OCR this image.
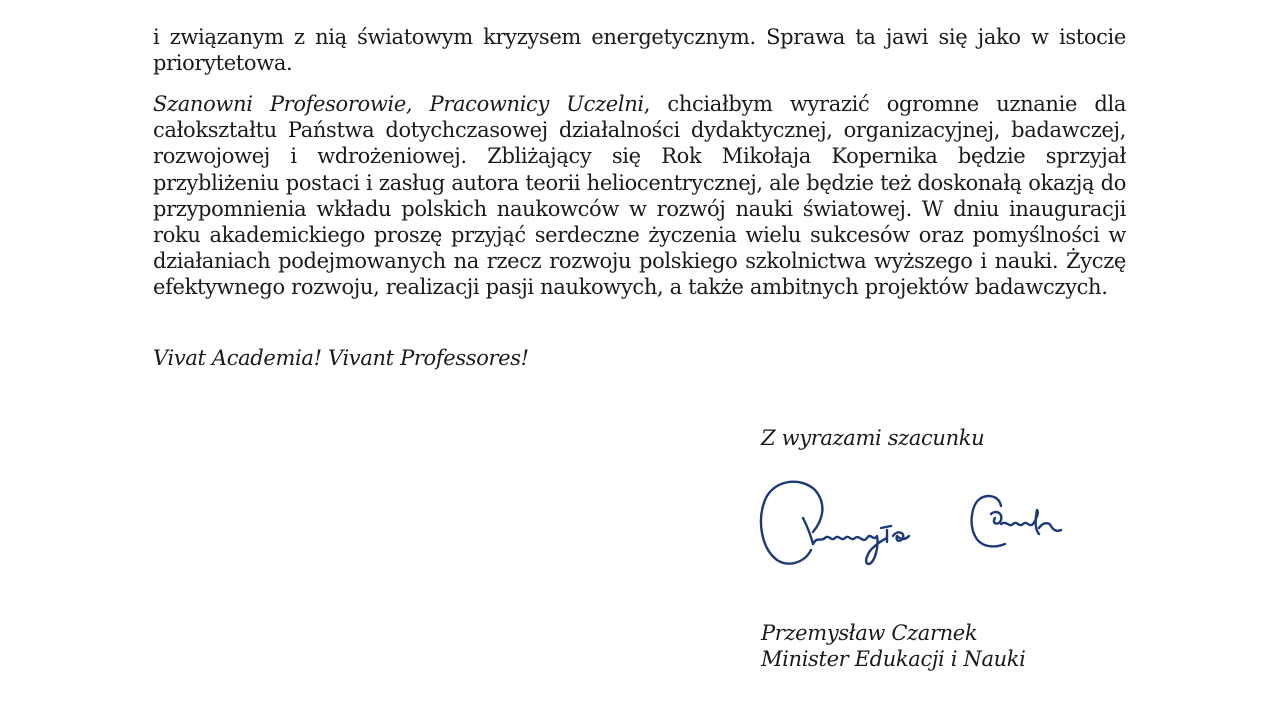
i związanym z nią światowym kryzysem energetycznym. Sprawa ta jawi się jako w istocie priorytetowa.

Szanowni Profesorowie, Pracownicy Uczelni, chciałbym wyrazić ogromne uznanie dla całokształtu Państwa dotychczasowej działalności dydaktycznej, organizacyjnej, badawczej, rozwojowej i wdrożeniowej. Zbliżający się Rok Mikołaja Kopernika będzie sprzyjał przybliżeniu postaci i zasług autora teorii heliocentrycznej, ale będzie też doskonałą okazją do przypomnienia wkładu polskich naukowców w rozwój nauki światowej. W dniu inauguracji roku akademickiego proszę przyjąć serdeczne życzenia wielu sukcesów oraz pomyślności w działaniach podejmowanych na rzecz rozwoju polskiego szkolnictwa wyższego i nauki. Życzę efektywnego rozwoju, realizacji pasji naukowych, a także ambitnych projektów badawczych.

Vivat Academia! Vivant Professores!

Z wyrazami szacunku
Przemysław Czarnek
Minister Edukacji i Nauki
